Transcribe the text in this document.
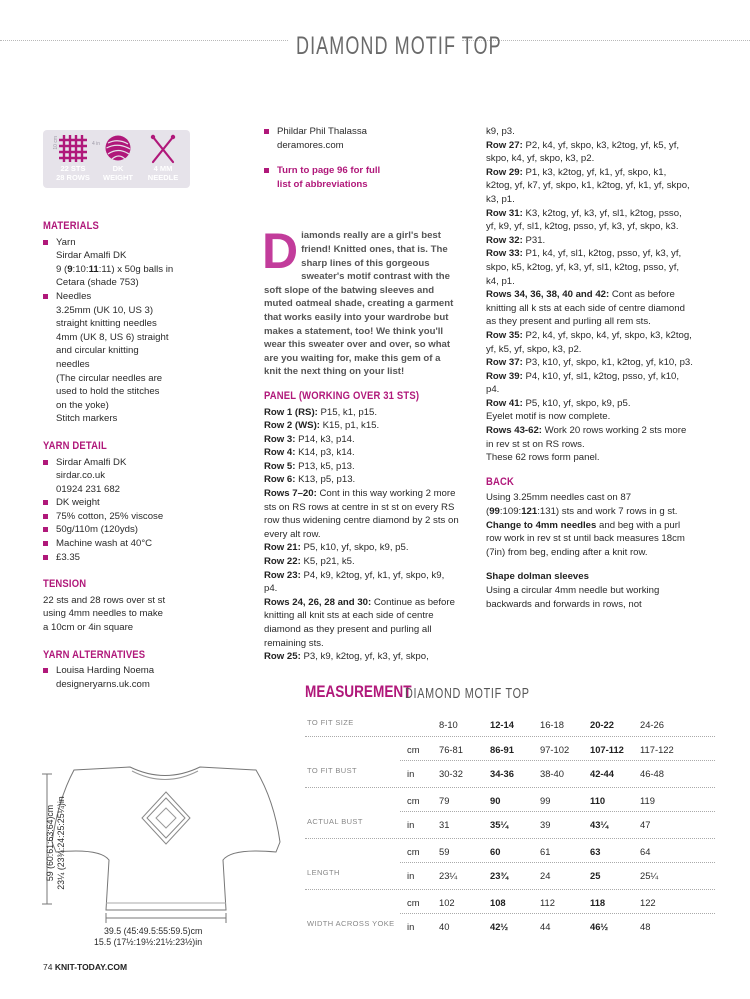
DIAMOND MOTIF TOP
10 cm	4 in
22 STS
28 ROWS
DK
WEIGHT
4 MM
NEEDLE
MATERIALS
Yarn
Sirdar Amalfi DK
9 (9:10:11:11) x 50g balls in
Cetara (shade 753)
Needles
3.25mm (UK 10, US 3)
straight knitting needles
4mm (UK 8, US 6) straight
and circular knitting
needles
(The circular needles are
used to hold the stitches
on the yoke)
Stitch markers
YARN DETAIL
Sirdar Amalfi DK
sirdar.co.uk
01924 231 682
DK weight
75% cotton, 25% viscose
50g/110m (120yds)
Machine wash at 40°C
£3.35
TENSION
22 sts and 28 rows over st st
using 4mm needles to make
a 10cm or 4in square
YARN ALTERNATIVES
Louisa Harding Noema
designeryarns.uk.com
Phildar Phil Thalassa
deramores.com
Turn to page 96 for full
list of abbreviations
Diamonds really are a girl's best friend! Knitted ones, that is. The sharp lines of this gorgeous sweater's motif contrast with the soft slope of the batwing sleeves and muted oatmeal shade, creating a garment that works easily into your wardrobe but makes a statement, too! We think you'll wear this sweater over and over, so what are you waiting for, make this gem of a knit the next thing on your list!
PANEL (WORKING OVER 31 STS)
Row 1 (RS): P15, k1, p15.
Row 2 (WS): K15, p1, k15.
Row 3: P14, k3, p14.
Row 4: K14, p3, k14.
Row 5: P13, k5, p13.
Row 6: K13, p5, p13.
Rows 7–20: Cont in this way working 2 more sts on RS rows at centre in st st on every RS row thus widening centre diamond by 2 sts on every alt row.
Row 21: P5, k10, yf, skpo, k9, p5.
Row 22: K5, p21, k5.
Row 23: P4, k9, k2tog, yf, k1, yf, skpo, k9, p4.
Rows 24, 26, 28 and 30: Continue as before knitting all knit sts at each side of centre diamond as they present and purling all remaining sts.
Row 25: P3, k9, k2tog, yf, k3, yf, skpo,
k9, p3.
Row 27: P2, k4, yf, skpo, k3, k2tog, yf, k5, yf, skpo, k4, yf, skpo, k3, p2.
Row 29: P1, k3, k2tog, yf, k1, yf, skpo, k1, k2tog, yf, k7, yf, skpo, k1, k2tog, yf, k1, yf, skpo, k3, p1.
Row 31: K3, k2tog, yf, k3, yf, sl1, k2tog, psso, yf, k9, yf, sl1, k2tog, psso, yf, k3, yf, skpo, k3.
Row 32: P31.
Row 33: P1, k4, yf, sl1, k2tog, psso, yf, k3, yf, skpo, k5, k2tog, yf, k3, yf, sl1, k2tog, psso, yf, k4, p1.
Rows 34, 36, 38, 40 and 42: Cont as before knitting all k sts at each side of centre diamond as they present and purling all rem sts.
Row 35: P2, k4, yf, skpo, k4, yf, skpo, k3, k2tog, yf, k5, yf, skpo, k3, p2.
Row 37: P3, k10, yf, skpo, k1, k2tog, yf, k10, p3.
Row 39: P4, k10, yf, sl1, k2tog, psso, yf, k10, p4.
Row 41: P5, k10, yf, skpo, k9, p5.
Eyelet motif is now complete.
Rows 43-62: Work 20 rows working 2 sts more in rev st st on RS rows.
These 62 rows form panel.
BACK
Using 3.25mm needles cast on 87 (99:109:121:131) sts and work 7 rows in g st.
Change to 4mm needles and beg with a purl row work in rev st st until back measures 18cm (7in) from beg, ending after a knit row.
Shape dolman sleeves
Using a circular 4mm needle but working backwards and forwards in rows, not
MEASUREMENT
DIAMOND MOTIF TOP
TO FIT SIZE	8-10	12-14	16-18	20-22	24-26
TO FIT BUST
cm 76-81	86-91	97-102 107-112 117-122
in	30-32	34-36	38-40	42-44	46-48
ACTUAL BUST
cm 79	90	99	110	119
in	31	35¼	39	43¼	47
LENGTH
cm 59	60	61	63	64
in	23¼	23¾	24	25	25¼
WIDTH ACROSS YOKE
cm 102	108	112	118	122
in	40	42½	44	46½	48
59 (60:61:63:64)cm 23¼ (23¾:24:25:25¼)in
39.5 (45:49.5:55:59.5)cm
15.5 (17½:19½:21½:23½)in
74 KNIT-TODAY.COM
